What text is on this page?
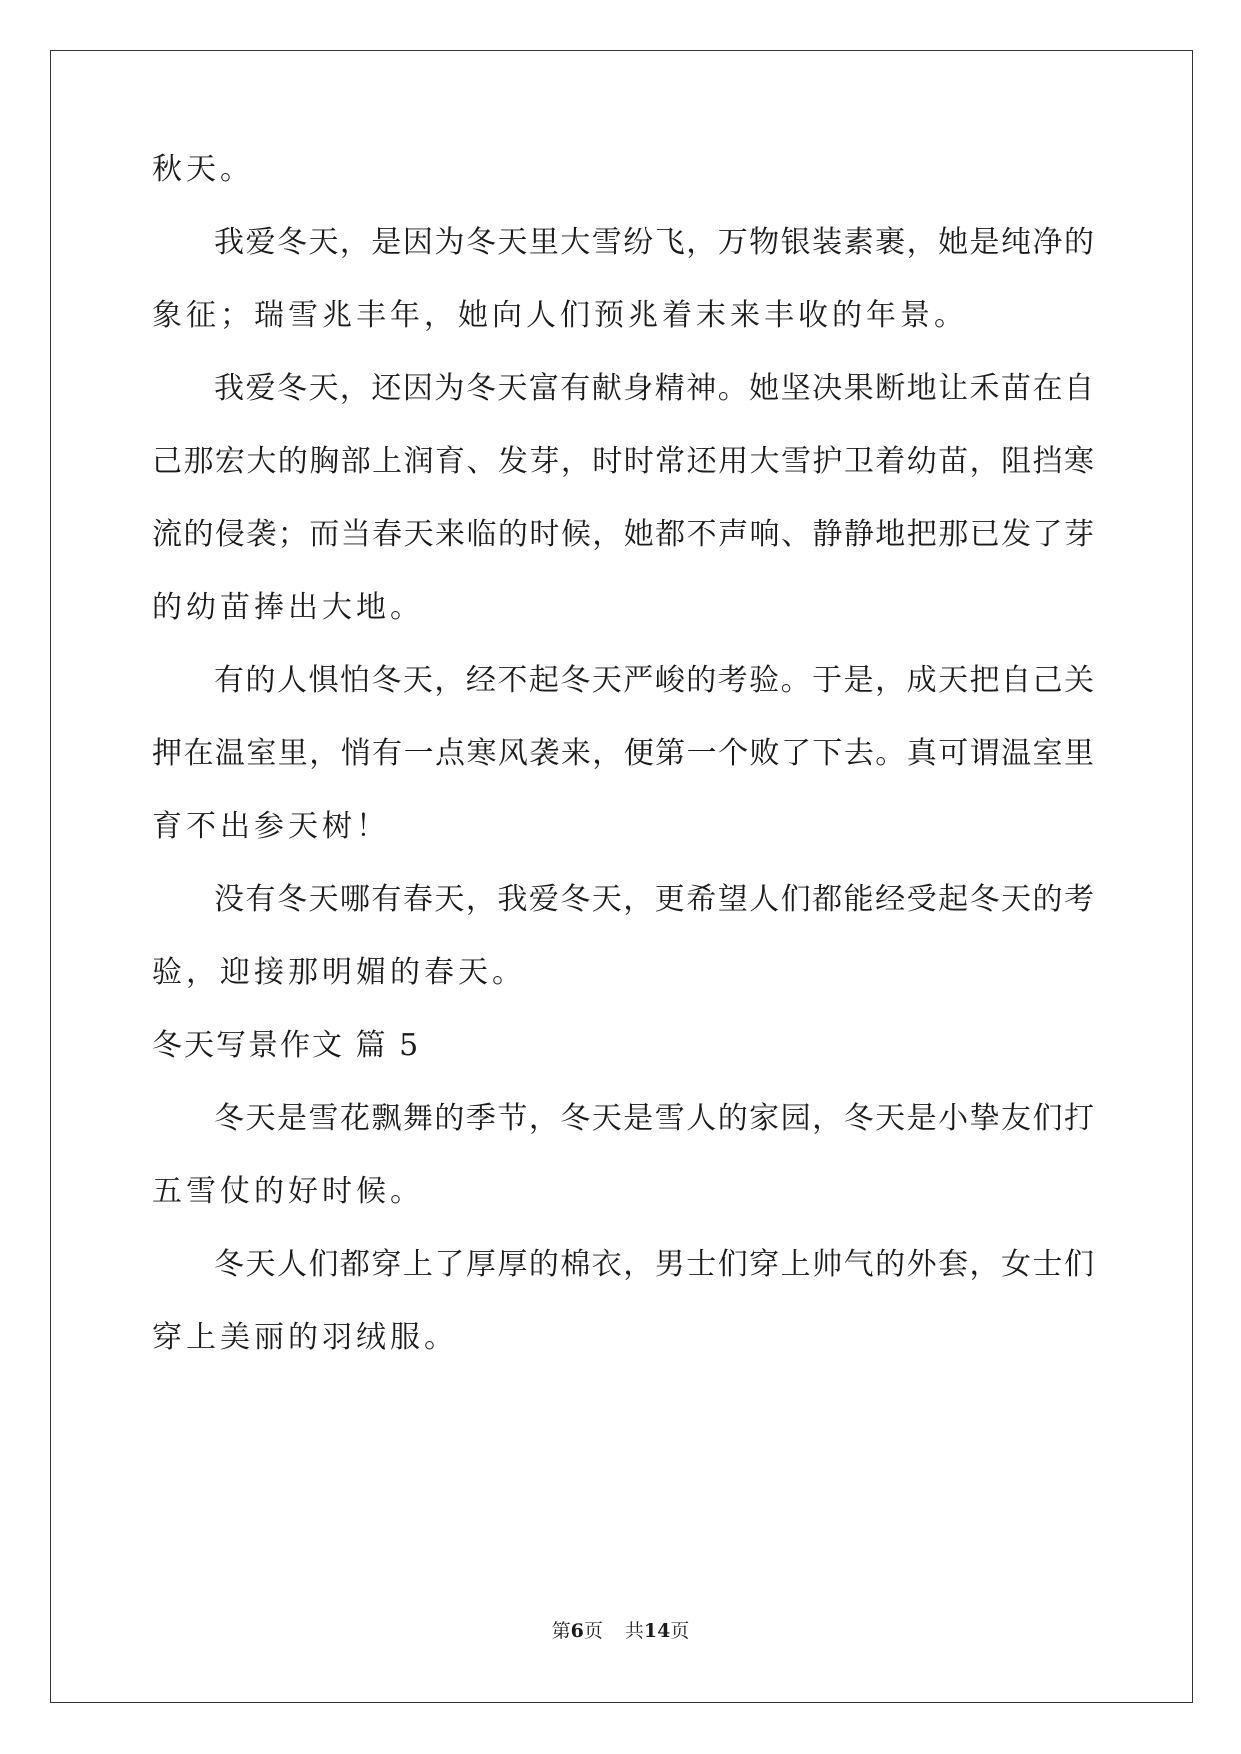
秋天。
我爱冬天，是因为冬天里大雪纷飞，万物银装素裹，她是纯净的
象征；瑞雪兆丰年，她向人们预兆着末来丰收的年景。
我爱冬天，还因为冬天富有献身精神。她坚决果断地让禾苗在自
己那宏大的胸部上润育、发芽，时时常还用大雪护卫着幼苗，阻挡寒
流的侵袭；而当春天来临的时候，她都不声响、静静地把那已发了芽
的幼苗捧出大地。
有的人惧怕冬天，经不起冬天严峻的考验。于是，成天把自己关
押在温室里，悄有一点寒风袭来，便第一个败了下去。真可谓温室里
育不出参天树！
没有冬天哪有春天，我爱冬天，更希望人们都能经受起冬天的考
验，迎接那明媚的春天。
冬天写景作文 篇 5
冬天是雪花飘舞的季节，冬天是雪人的家园，冬天是小挚友们打
五雪仗的好时候。
冬天人们都穿上了厚厚的棉衣，男士们穿上帅气的外套，女士们
穿上美丽的羽绒服。
第6页 共14页
